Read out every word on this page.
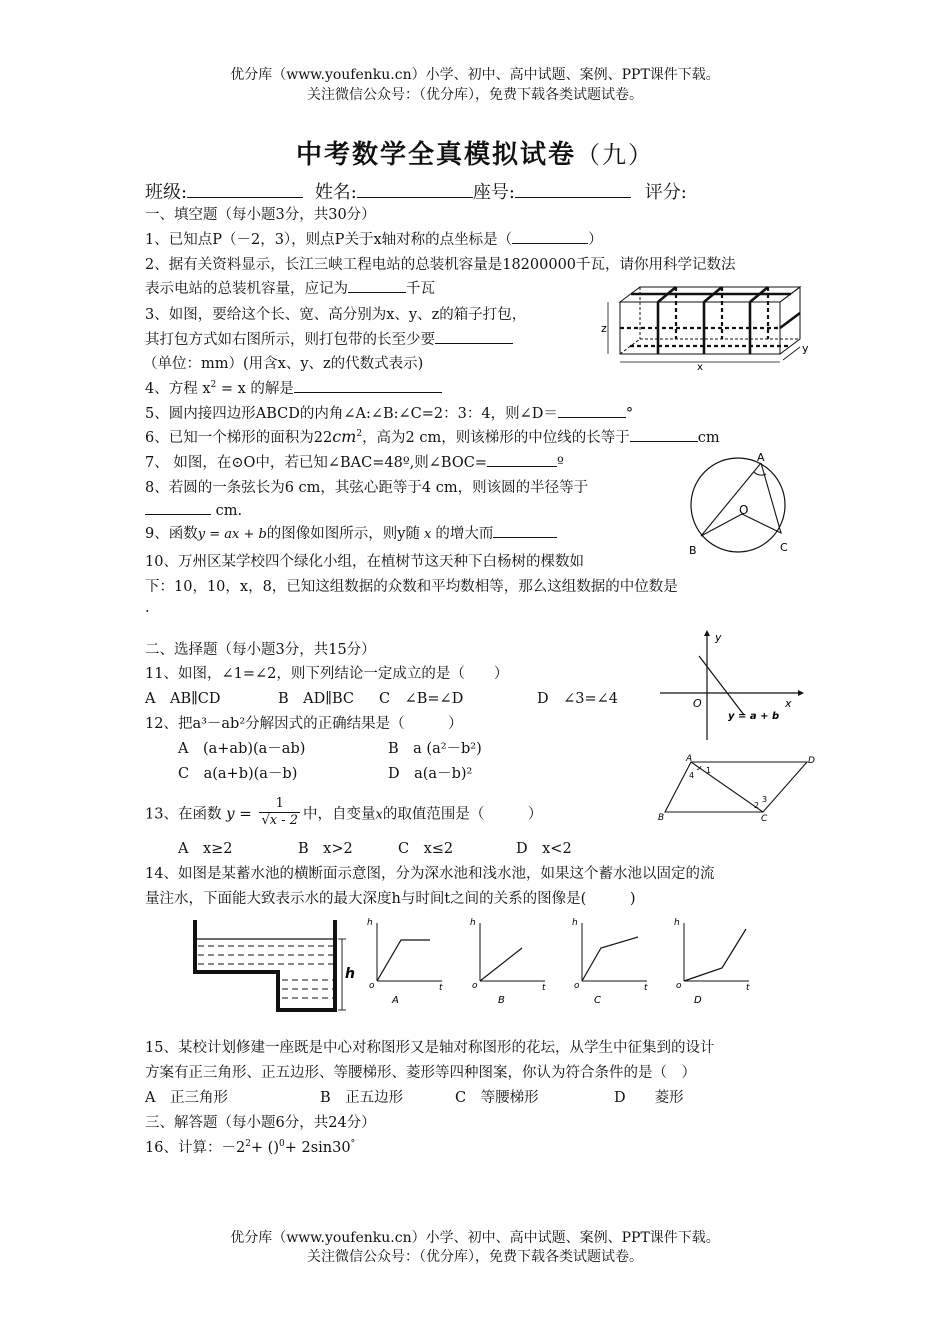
优分库（www.youfenku.cn）小学、初中、高中试题、案例、PPT课件下载。
关注微信公众号：（优分库），免费下载各类试题试卷。
中考数学全真模拟试卷（九）
班级:	姓名:	座号:	评分:
一、填空题（每小题3分，共30分）
1、已知点P（－2，3），则点P关于x轴对称的点坐标是（	）
2、据有关资料显示，长江三峡工程电站的总装机容量是18200000千瓦，请你用科学记数法
表示电站的总装机容量，应记为	千瓦
3、如图，要给这个长、宽、高分别为x、y、z的箱子打包，
其打包方式如右图所示，则打包带的长至少要
（单位：mm）(用含x、y、z的代数式表示)
4、方程 $x^2 = x$ 的解是
5、圆内接四边形ABCD的内角∠A:∠B:∠C=2：3：4，则∠D＝	°
6、已知一个梯形的面积为$22cm^2$，高为2 cm，则该梯形的中位线的长等于	cm
7、 如图，在⊙O中，若已知∠BAC=48º,则∠BOC=	º
8、若圆的一条弦长为6 cm，其弦心距等于4 cm，则该圆的半径等于
cm.
9、函数y = ax + b的图像如图所示，则y随 x 的增大而
10、万州区某学校四个绿化小组，在植树节这天种下白杨树的棵数如
下：10，10，x，8，已知这组数据的众数和平均数相等，那么这组数据的中位数是
.
二、选择题（每小题3分，共15分）
11、如图，∠1=∠2，则下列结论一定成立的是（　　）
A　AB∥CD	B　AD∥BC C　∠B=∠D	D　∠3=∠4
12、把a³－ab²分解因式的正确结果是（　　　）
A　(a+ab)(a－ab)	B　a (a²－b²)
C　a(a+b)(a－b)	D　a(a－b)²
13、在函数 $y = \frac{1}{√x - 2}$ 中，自变量x的取值范围是（　　　）
A　x≥2	B　x>2	C　x≤2	D　x<2
14、如图是某蓄水池的横断面示意图，分为深水池和浅水池，如果这个蓄水池以固定的流
量注水，下面能大致表示水的最大深度h与时间t之间的关系的图像是(　　　)
15、某校计划修建一座既是中心对称图形又是轴对称图形的花坛，从学生中征集到的设计
方案有正三角形、正五边形、等腰梯形、菱形等四种图案，你认为符合条件的是（　）
A　正三角形	B　正五边形	C　等腰梯形	D　　菱形
三、解答题（每小题6分，共24分）
16、计算：$-2^2+ ()^0+ 2\sin 30^\circ$
优分库（www.youfenku.cn）小学、初中、高中试题、案例、PPT课件下载。
关注微信公众号：（优分库），免费下载各类试题试卷。
z
x
y
A
O
B	C
y
x
O
y = a + b
A	D
B	C
1
4
2
3
h
h
o	t
h
o	t
h
o	t
h
o	t
A	B	C	D
